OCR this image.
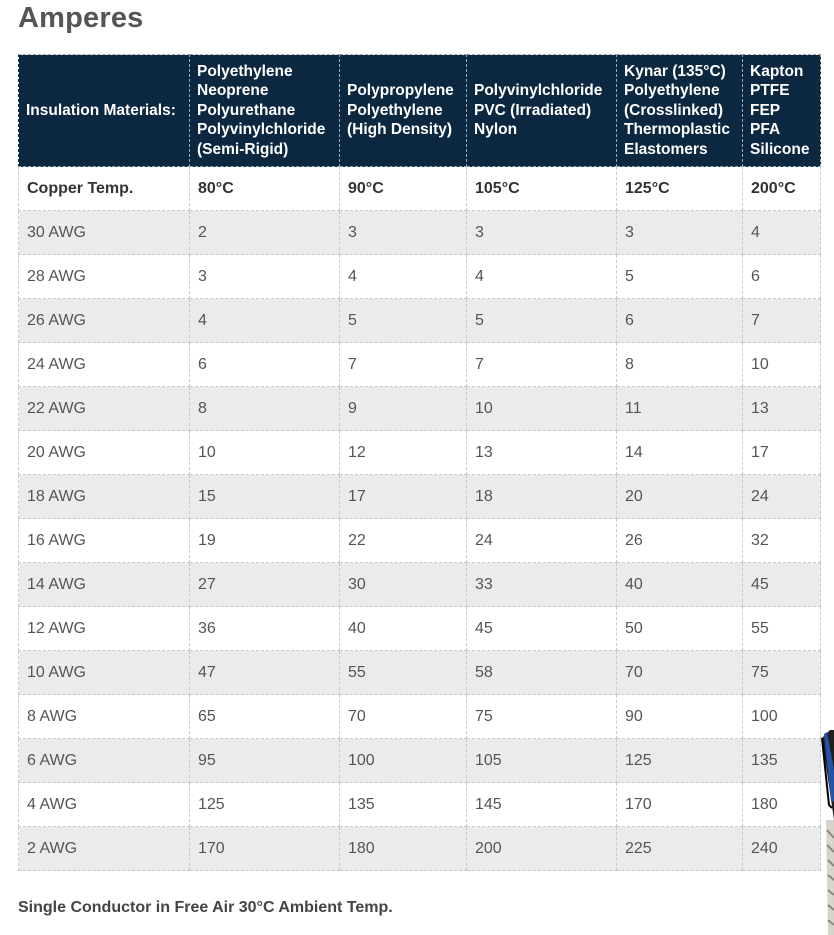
Amperes
Insulation Materials:	Polyethylene
Neoprene
Polyurethane
Polyvinylchloride
(Semi-Rigid)	Polypropylene
Polyethylene
(High Density)	Polyvinylchloride
PVC (Irradiated)
Nylon	Kynar (135°C)
Polyethylene
(Crosslinked)
Thermoplastic
Elastomers	Kapton
PTFE
FEP
PFA
Silicone

Copper Temp.	80°C	90°C	105°C	125°C	200°C
30 AWG	2	3	3	3	4
28 AWG	3	4	4	5	6
26 AWG	4	5	5	6	7
24 AWG	6	7	7	8	10
22 AWG	8	9	10	11	13
20 AWG	10	12	13	14	17
18 AWG	15	17	18	20	24
16 AWG	19	22	24	26	32
14 AWG	27	30	33	40	45
12 AWG	36	40	45	50	55
10 AWG	47	55	58	70	75
8 AWG	65	70	75	90	100
6 AWG	95	100	105	125	135
4 AWG	125	135	145	170	180
2 AWG	170	180	200	225	240

Single Conductor in Free Air 30°C Ambient Temp.
